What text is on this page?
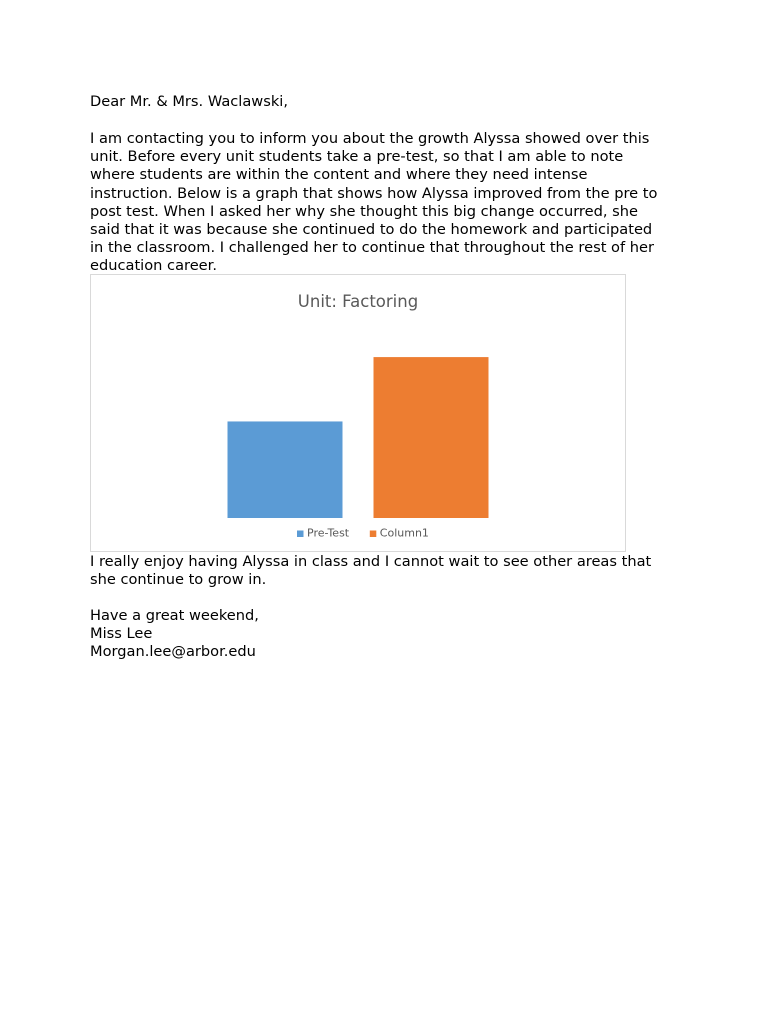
Dear Mr. & Mrs. Waclawski,
I am contacting you to inform you about the growth Alyssa showed over this
unit. Before every unit students take a pre-test, so that I am able to note
where students are within the content and where they need intense
instruction. Below is a graph that shows how Alyssa improved from the pre to
post test. When I asked her why she thought this big change occurred, she
said that it was because she continued to do the homework and participated
in the classroom. I challenged her to continue that throughout the rest of her
education career.
Unit: Factoring
Pre-Test	Column1
I really enjoy having Alyssa in class and I cannot wait to see other areas that
she continue to grow in.
Have a great weekend,
Miss Lee
Morgan.lee@arbor.edu
